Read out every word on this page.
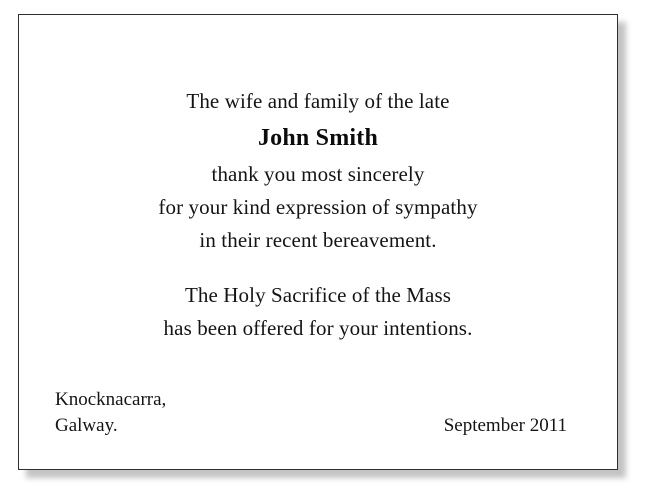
The wife and family of the late
John Smith
thank you most sincerely
for your kind expression of sympathy
in their recent bereavement.
The Holy Sacrifice of the Mass
has been offered for your intentions.
Knocknacarra,
Galway.	September 2011
